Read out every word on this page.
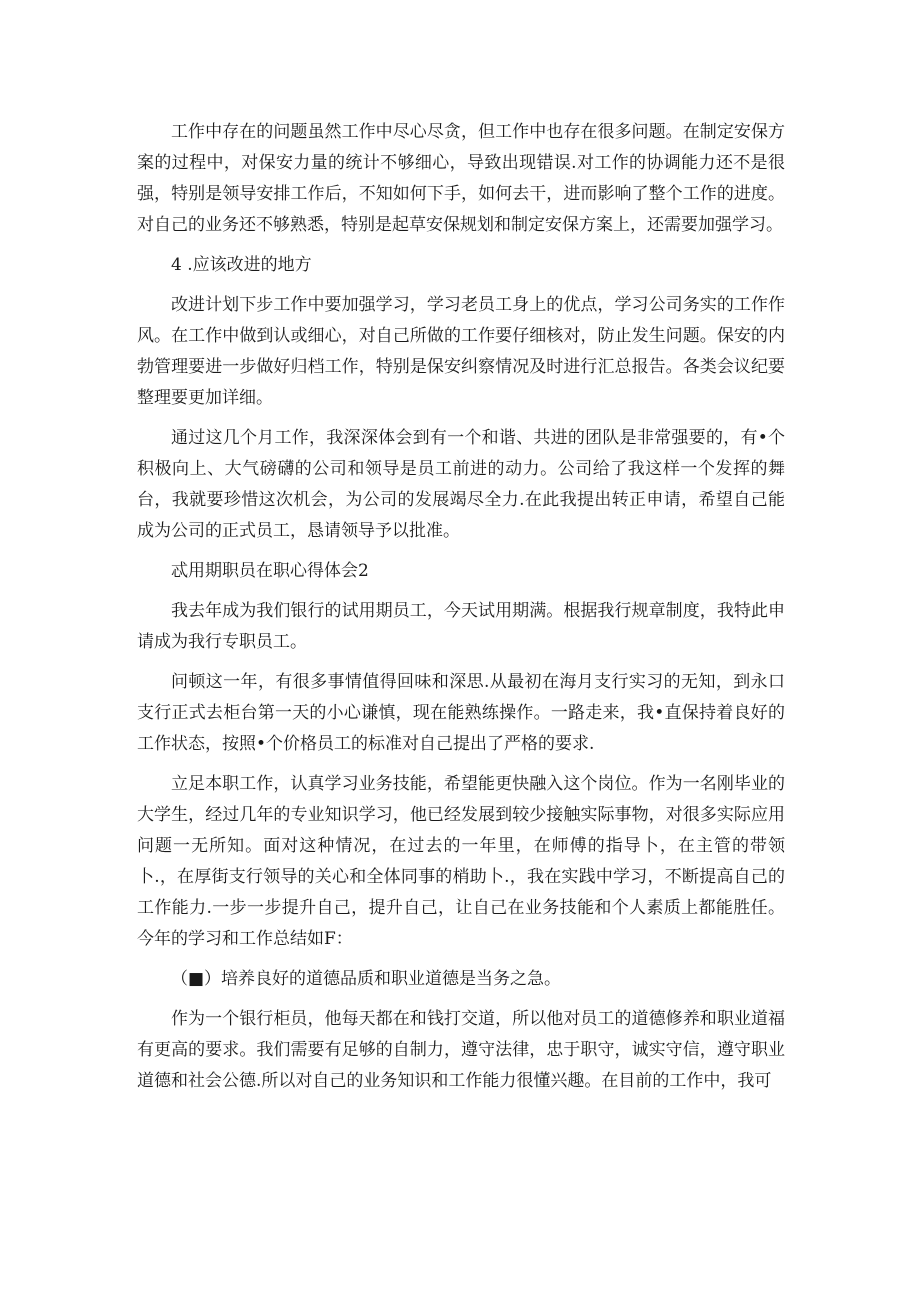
工作中存在的问题虽然工作中尽心尽贪，但工作中也存在很多问题。在制定安保方案的过程中，对保安力量的统计不够细心，导致出现错误.对工作的协调能力还不是很强，特别是领导安排工作后，不知如何下手，如何去干，进而影响了整个工作的进度。对自己的业务还不够熟悉，特别是起草安保规划和制定安保方案上，还需要加强学习。

4 .应该改进的地方

改进计划下步工作中要加强学习，学习老员工身上的优点，学习公司务实的工作作风。在工作中做到认或细心，对自己所做的工作要仔细核对，防止发生问题。保安的内勃管理要进一步做好归档工作，特别是保安纠察情况及时进行汇总报告。各类会议纪要整理要更加详细。

通过这几个月工作，我深深体会到有一个和谐、共进的团队是非常强要的，有•个积极向上、大气磅礴的公司和领导是员工前进的动力。公司给了我这样一个发挥的舞台，我就要珍惜这次机会，为公司的发展竭尽全力.在此我提出转正申请，希望自己能成为公司的正式员工，恳请领导予以批准。

忒用期职员在职心得体会2

我去年成为我们银行的试用期员工，今天试用期满。根据我行规章制度，我特此申请成为我行专职员工。

问顿这一年，有很多事情值得回味和深思.从最初在海月支行实习的无知，到永口支行正式去柜台第一天的小心谦慎，现在能熟练操作。一路走来，我•直保持着良好的工作状态，按照•个价格员工的标准对自己提出了严格的要求.

立足本职工作，认真学习业务技能，希望能更快融入这个岗位。作为一名刚毕业的大学生，经过几年的专业知识学习，他已经发展到较少接触实际事物，对很多实际应用问题一无所知。面对这种情况，在过去的一年里，在师傅的指导卜，在主管的带领卜.，在厚街支行领导的关心和全体同事的梢助卜.，我在实践中学习，不断提高自己的工作能力.一步一步提升自己，提升自己，让自己在业务技能和个人素质上都能胜任。今年的学习和工作总结如F：

（■）培养良好的道德品质和职业道德是当务之急。

作为一个银行柜员，他每天都在和钱打交道，所以他对员工的道德修养和职业道福有更高的要求。我们需要有足够的自制力，遵守法律，忠于职守，诚实守信，遵守职业道德和社会公德.所以对自己的业务知识和工作能力很懂兴趣。在目前的工作中，我可
